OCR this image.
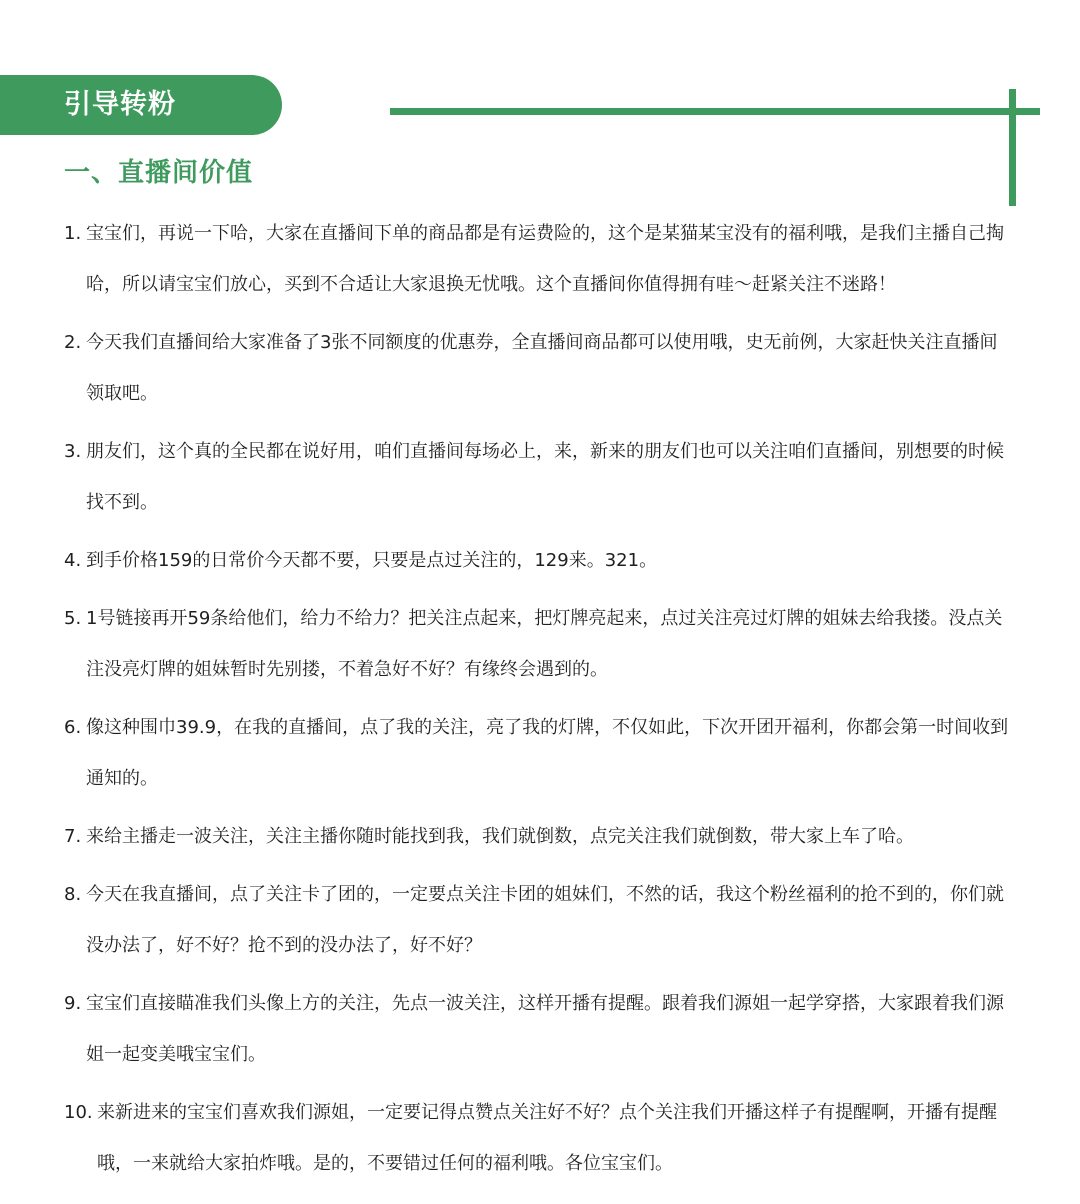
引导转粉
一、直播间价值
1. 宝宝们，再说一下哈，大家在直播间下单的商品都是有运费险的，这个是某猫某宝没有的福利哦，是我们主播自己掏哈，所以请宝宝们放心，买到不合适让大家退换无忧哦。这个直播间你值得拥有哇～赶紧关注不迷路！
2. 今天我们直播间给大家准备了3张不同额度的优惠券，全直播间商品都可以使用哦，史无前例，大家赶快关注直播间领取吧。
3. 朋友们，这个真的全民都在说好用，咱们直播间每场必上，来，新来的朋友们也可以关注咱们直播间，别想要的时候找不到。
4. 到手价格159的日常价今天都不要，只要是点过关注的，129来。321。
5. 1号链接再开59条给他们，给力不给力？把关注点起来，把灯牌亮起来，点过关注亮过灯牌的姐妹去给我搂。没点关注没亮灯牌的姐妹暂时先别搂，不着急好不好？有缘终会遇到的。
6. 像这种围巾39.9，在我的直播间，点了我的关注，亮了我的灯牌，不仅如此，下次开团开福利，你都会第一时间收到通知的。
7. 来给主播走一波关注，关注主播你随时能找到我，我们就倒数，点完关注我们就倒数，带大家上车了哈。
8. 今天在我直播间，点了关注卡了团的，一定要点关注卡团的姐妹们，不然的话，我这个粉丝福利的抢不到的，你们就没办法了，好不好？抢不到的没办法了，好不好？
9. 宝宝们直接瞄准我们头像上方的关注，先点一波关注，这样开播有提醒。跟着我们源姐一起学穿搭，大家跟着我们源姐一起变美哦宝宝们。
10. 来新进来的宝宝们喜欢我们源姐，一定要记得点赞点关注好不好？点个关注我们开播这样子有提醒啊，开播有提醒哦，一来就给大家拍炸哦。是的，不要错过任何的福利哦。各位宝宝们。
